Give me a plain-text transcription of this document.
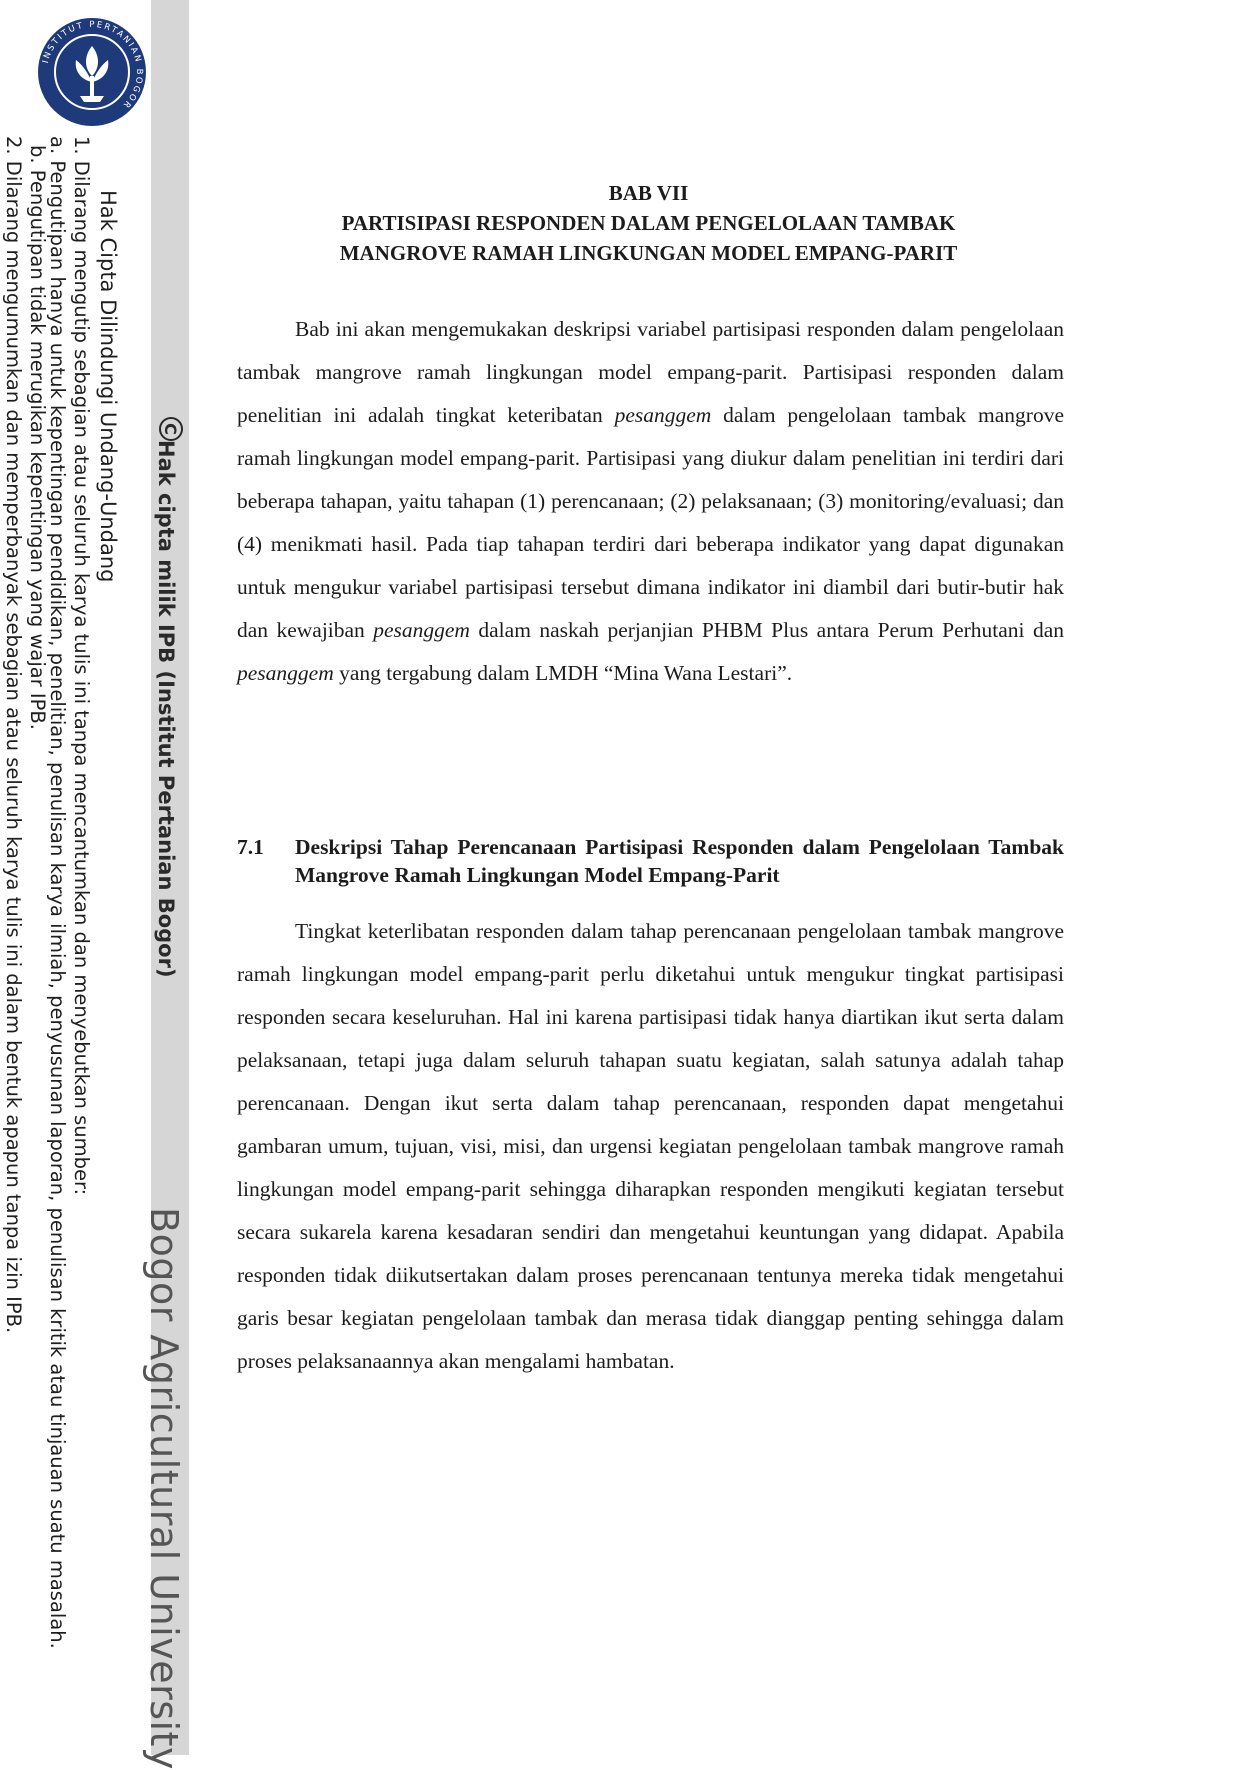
INSTITUT PERTANIAN BOGOR
Hak Cipta Dilindungi Undang-Undang
1. Dilarang mengutip sebagian atau seluruh karya tulis ini tanpa mencantumkan dan menyebutkan sumber:
a. Pengutipan hanya untuk kepentingan pendidikan, penelitian, penulisan karya ilmiah, penyusunan laporan, penulisan kritik atau tinjauan suatu masalah.
b. Pengutipan tidak merugikan kepentingan yang wajar IPB.
2. Dilarang mengumumkan dan memperbanyak sebagian atau seluruh karya tulis ini dalam bentuk apapun tanpa izin IPB.	C
Hak cipta milik IPB (Institut Pertanian Bogor)
Bogor Agricultural University
BAB VII
PARTISIPASI RESPONDEN DALAM PENGELOLAAN TAMBAK
MANGROVE RAMAH LINGKUNGAN MODEL EMPANG-PARIT

Bab ini akan mengemukakan deskripsi variabel partisipasi responden dalam pengelolaan tambak mangrove ramah lingkungan model empang-parit. Partisipasi responden dalam penelitian ini adalah tingkat keteribatan pesanggem dalam pengelolaan tambak mangrove ramah lingkungan model empang-parit. Partisipasi yang diukur dalam penelitian ini terdiri dari beberapa tahapan, yaitu tahapan (1) perencanaan; (2) pelaksanaan; (3) monitoring/evaluasi; dan (4) menikmati hasil. Pada tiap tahapan terdiri dari beberapa indikator yang dapat digunakan untuk mengukur variabel partisipasi tersebut dimana indikator ini diambil dari butir-butir hak dan kewajiban pesanggem dalam naskah perjanjian PHBM Plus antara Perum Perhutani dan pesanggem yang tergabung dalam LMDH “Mina Wana Lestari”.

7.1 Deskripsi Tahap Perencanaan Partisipasi Responden dalam Pengelolaan Tambak Mangrove Ramah Lingkungan Model Empang-Parit

Tingkat keterlibatan responden dalam tahap perencanaan pengelolaan tambak mangrove ramah lingkungan model empang-parit perlu diketahui untuk mengukur tingkat partisipasi responden secara keseluruhan. Hal ini karena partisipasi tidak hanya diartikan ikut serta dalam pelaksanaan, tetapi juga dalam seluruh tahapan suatu kegiatan, salah satunya adalah tahap perencanaan. Dengan ikut serta dalam tahap perencanaan, responden dapat mengetahui gambaran umum, tujuan, visi, misi, dan urgensi kegiatan pengelolaan tambak mangrove ramah lingkungan model empang-parit sehingga diharapkan responden mengikuti kegiatan tersebut secara sukarela karena kesadaran sendiri dan mengetahui keuntungan yang didapat. Apabila responden tidak diikutsertakan dalam proses perencanaan tentunya mereka tidak mengetahui garis besar kegiatan pengelolaan tambak dan merasa tidak dianggap penting sehingga dalam proses pelaksanaannya akan mengalami hambatan.
